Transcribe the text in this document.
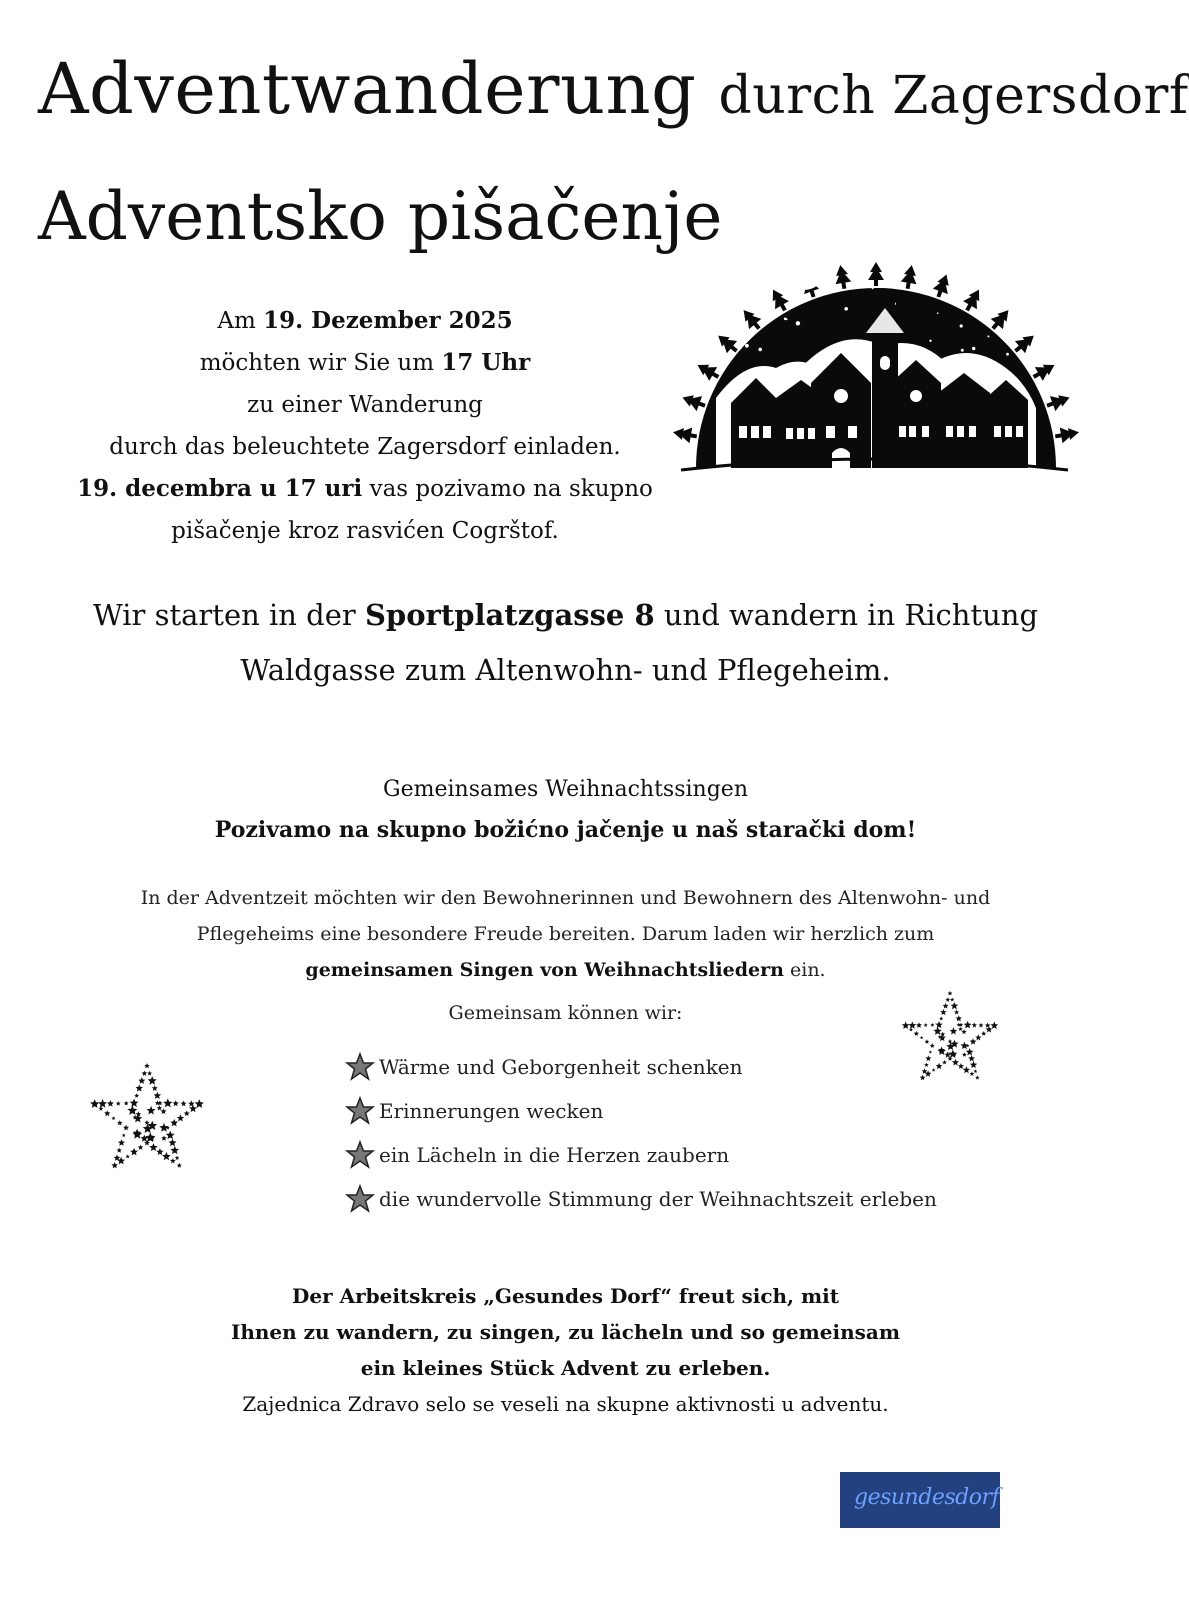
Adventwanderung durch Zagersdorf
Adventsko pišačenje
Am 19. Dezember 2025
möchten wir Sie um 17 Uhr
zu einer Wanderung
durch das beleuchtete Zagersdorf einladen.
19. decembra u 17 uri vas pozivamo na skupno
pišačenje kroz rasvićen Cogrštof.
Wir starten in der Sportplatzgasse 8 und wandern in Richtung
Waldgasse zum Altenwohn- und Pflegeheim.
Gemeinsames Weihnachtssingen
Pozivamo na skupno božićno jačenje u naš starački dom!
In der Adventzeit möchten wir den Bewohnerinnen und Bewohnern des Altenwohn- und Pflegeheims eine besondere Freude bereiten. Darum laden wir herzlich zum gemeinsamen Singen von Weihnachtsliedern ein.
Gemeinsam können wir:
Wärme und Geborgenheit schenken
Erinnerungen wecken
ein Lächeln in die Herzen zaubern
die wundervolle Stimmung der Weihnachtszeit erleben
Der Arbeitskreis „Gesundes Dorf“ freut sich, mit
Ihnen zu wandern, zu singen, zu lächeln und so gemeinsam
ein kleines Stück Advent zu erleben.
Zajednica Zdravo selo se veseli na skupne aktivnosti u adventu.
gesundesdorf
